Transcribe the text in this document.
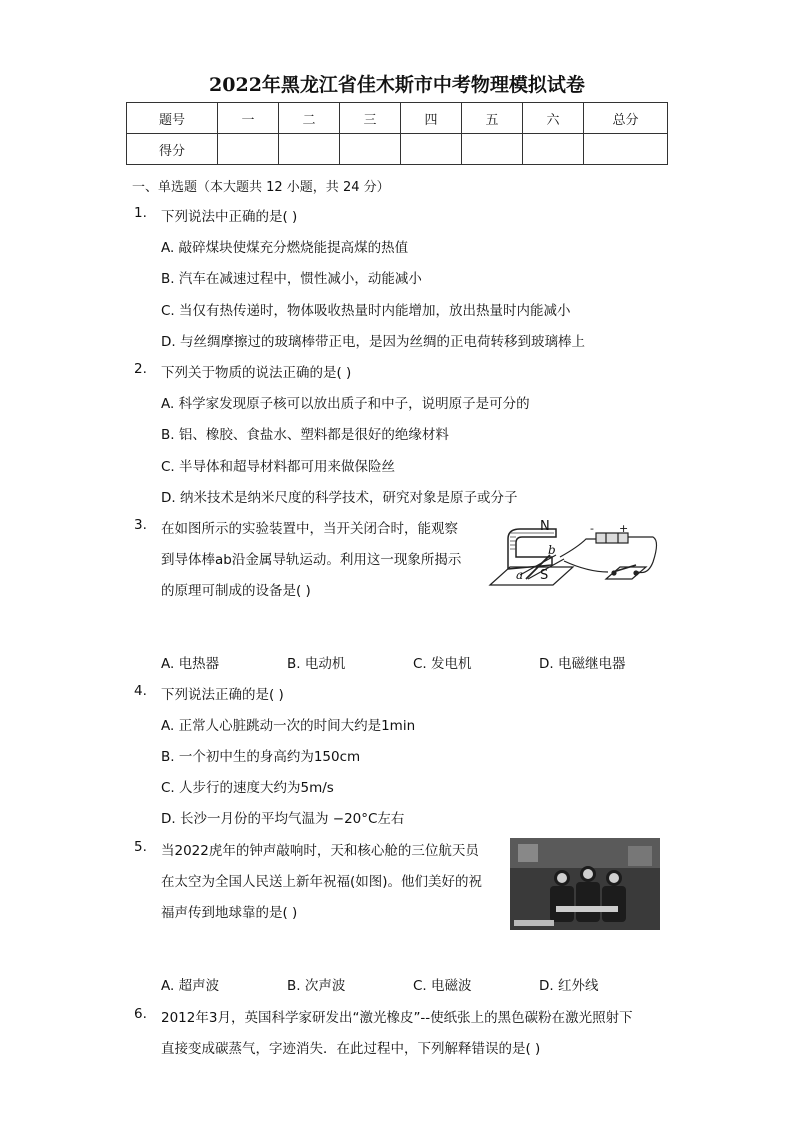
2022年黑龙江省佳木斯市中考物理模拟试卷
题号	一	二	三	四	五	六	总分
得分							
一、单选题（本大题共 12 小题，共 24 分）
1.	下列说法中正确的是( )
A. 敲碎煤块使煤充分燃烧能提高煤的热值
B. 汽车在减速过程中，惯性减小，动能减小
C. 当仅有热传递时，物体吸收热量时内能增加，放出热量时内能减小
D. 与丝绸摩擦过的玻璃棒带正电，是因为丝绸的正电荷转移到玻璃棒上
2.	下列关于物质的说法正确的是( )
A. 科学家发现原子核可以放出质子和中子，说明原子是可分的
B. 铝、橡胶、食盐水、塑料都是很好的绝缘材料
C. 半导体和超导材料都可用来做保险丝
D. 纳米技术是纳米尺度的科学技术，研究对象是原子或分子
3.	在如图所示的实验装置中，当开关闭合时，能观察
到导体棒ab沿金属导轨运动。利用这一现象所揭示
的原理可制成的设备是( )
N
S
a
b
- +
A. 电热器	B. 电动机	C. 发电机	D. 电磁继电器
4.	下列说法正确的是( )
A. 正常人心脏跳动一次的时间大约是1min
B. 一个初中生的身高约为150cm
C. 人步行的速度大约为5m/s
D. 长沙一月份的平均气温为 −20°C左右
5.	当2022虎年的钟声敲响时，天和核心舱的三位航天员
在太空为全国人民送上新年祝福(如图)。他们美好的祝
福声传到地球靠的是( )
A. 超声波	B. 次声波	C. 电磁波	D. 红外线
6.	2012年3月，英国科学家研发出“激光橡皮”--使纸张上的黑色碳粉在激光照射下
直接变成碳蒸气，字迹消失．在此过程中，下列解释错误的是( )
